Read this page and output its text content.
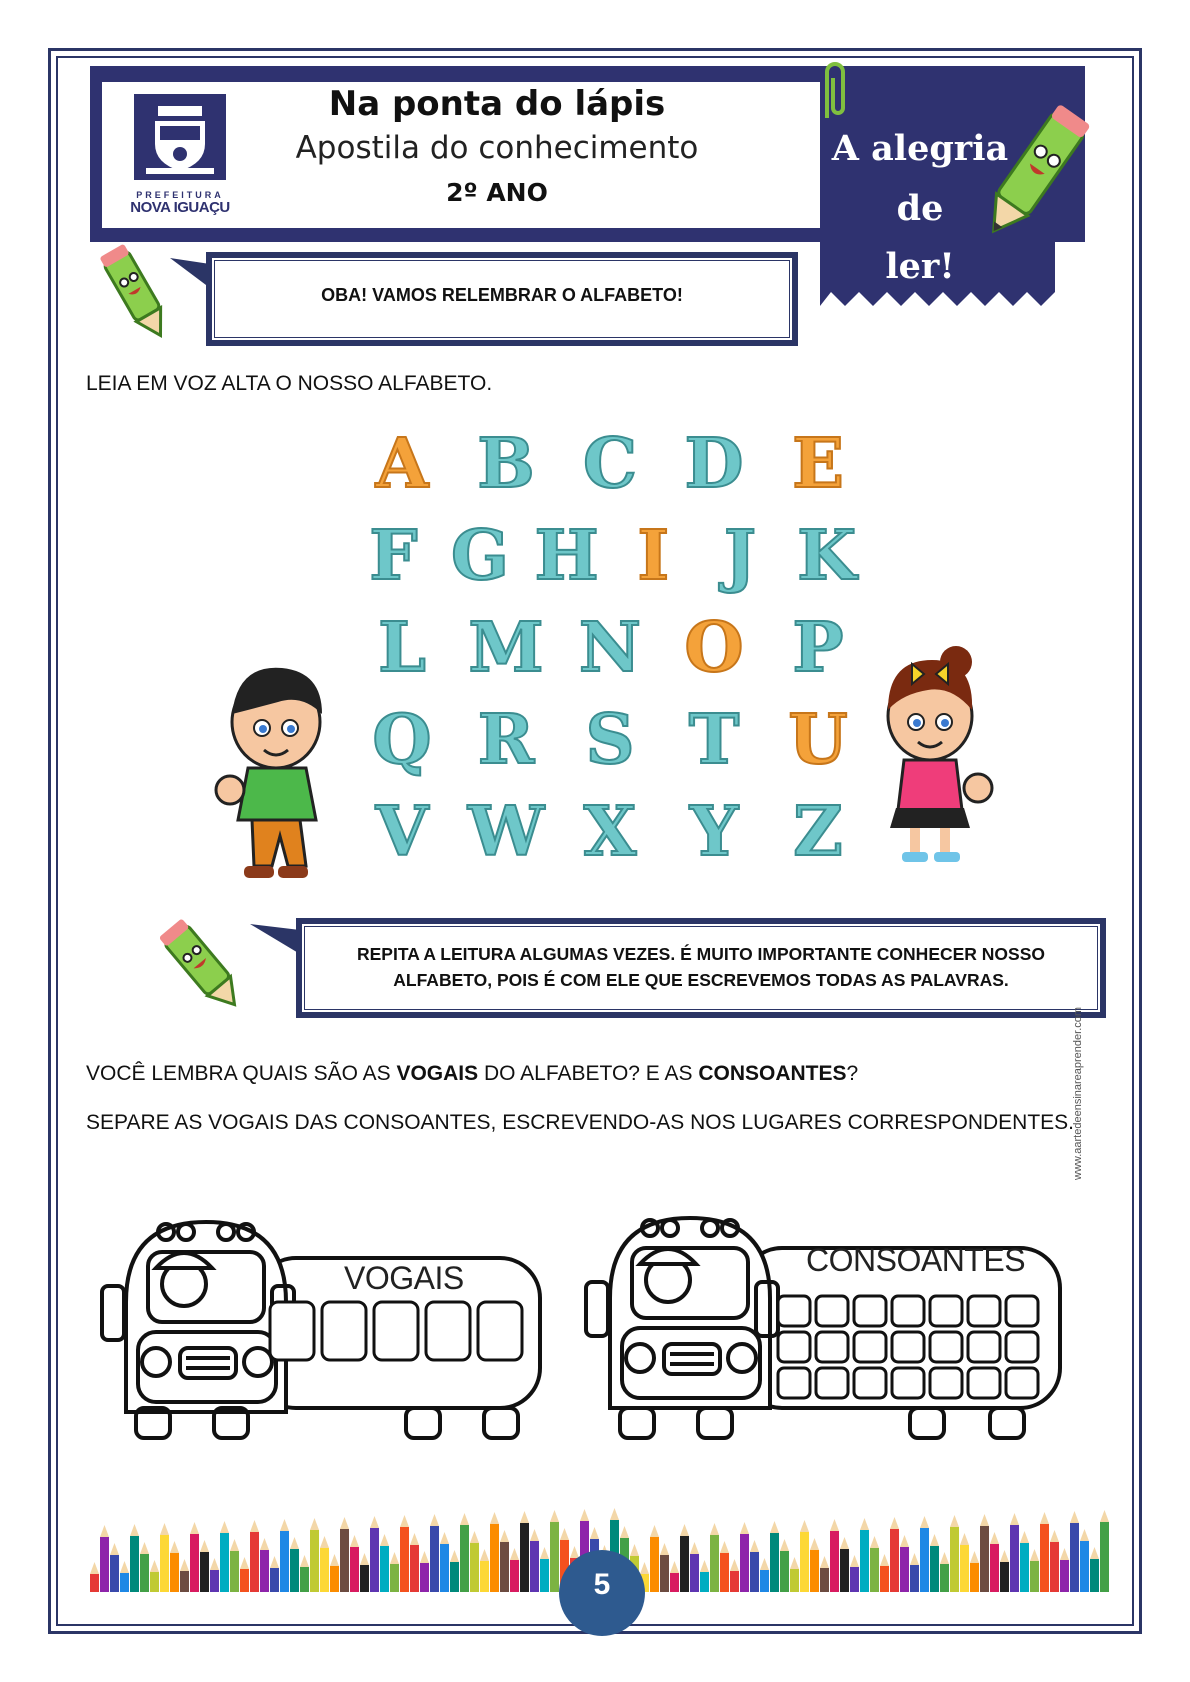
PREFEITURA
NOVA IGUAÇU
Na ponta do lápis
Apostila do conhecimento
2º ANO
A alegria
de
ler!
OBA! VAMOS RELEMBRAR O ALFABETO!
LEIA EM VOZ ALTA O NOSSO ALFABETO.
A B C D E
F G H I J K
L M N O P
Q R S T U
V W X Y Z
REPITA A LEITURA ALGUMAS VEZES. É MUITO IMPORTANTE CONHECER NOSSO
ALFABETO, POIS É COM ELE QUE ESCREVEMOS TODAS AS PALAVRAS.
VOCÊ LEMBRA QUAIS SÃO AS VOGAIS DO ALFABETO? E AS CONSOANTES?
SEPARE AS VOGAIS DAS CONSOANTES, ESCREVENDO-AS NOS LUGARES CORRESPONDENTES.
VOGAIS	CONSOANTES
www.aartedeensinareaprender.com
5
